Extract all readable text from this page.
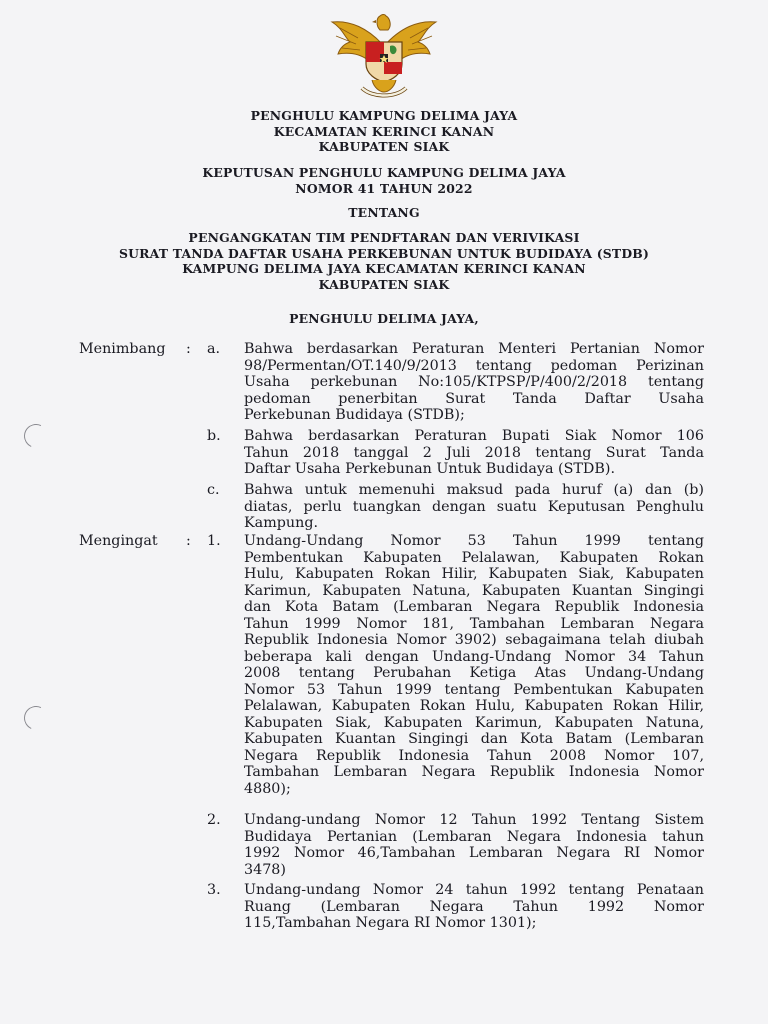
PENGHULU KAMPUNG DELIMA JAYA
KECAMATAN KERINCI KANAN
KABUPATEN SIAK
KEPUTUSAN PENGHULU KAMPUNG DELIMA JAYA
NOMOR 41 TAHUN 2022
TENTANG
PENGANGKATAN TIM PENDFTARAN DAN VERIVIKASI
SURAT TANDA DAFTAR USAHA PERKEBUNAN UNTUK BUDIDAYA (STDB)
KAMPUNG DELIMA JAYA KECAMATAN KERINCI KANAN
KABUPATEN SIAK
PENGHULU DELIMA JAYA,
Menimbang : a. Bahwa berdasarkan Peraturan Menteri Pertanian Nomor
98/Permentan/OT.140/9/2013 tentang pedoman Perizinan
Usaha perkebunan No:105/KTPSP/P/400/2/2018 tentang
pedoman penerbitan Surat Tanda Daftar Usaha
Perkebunan Budidaya (STDB);
b. Bahwa berdasarkan Peraturan Bupati Siak Nomor 106
Tahun 2018 tanggal 2 Juli 2018 tentang Surat Tanda
Daftar Usaha Perkebunan Untuk Budidaya (STDB).
c. Bahwa untuk memenuhi maksud pada huruf (a) dan (b)
diatas, perlu tuangkan dengan suatu Keputusan Penghulu
Kampung.
Mengingat : 1. Undang-Undang Nomor 53 Tahun 1999 tentang
Pembentukan Kabupaten Pelalawan, Kabupaten Rokan
Hulu, Kabupaten Rokan Hilir, Kabupaten Siak, Kabupaten
Karimun, Kabupaten Natuna, Kabupaten Kuantan Singingi
dan Kota Batam (Lembaran Negara Republik Indonesia
Tahun 1999 Nomor 181, Tambahan Lembaran Negara
Republik Indonesia Nomor 3902) sebagaimana telah diubah
beberapa kali dengan Undang-Undang Nomor 34 Tahun
2008 tentang Perubahan Ketiga Atas Undang-Undang
Nomor 53 Tahun 1999 tentang Pembentukan Kabupaten
Pelalawan, Kabupaten Rokan Hulu, Kabupaten Rokan Hilir,
Kabupaten Siak, Kabupaten Karimun, Kabupaten Natuna,
Kabupaten Kuantan Singingi dan Kota Batam (Lembaran
Negara Republik Indonesia Tahun 2008 Nomor 107,
Tambahan Lembaran Negara Republik Indonesia Nomor
4880);
2. Undang-undang Nomor 12 Tahun 1992 Tentang Sistem
Budidaya Pertanian (Lembaran Negara Indonesia tahun
1992 Nomor 46,Tambahan Lembaran Negara RI Nomor
3478)
3. Undang-undang Nomor 24 tahun 1992 tentang Penataan
Ruang (Lembaran Negara Tahun 1992 Nomor
115,Tambahan Negara RI Nomor 1301);
